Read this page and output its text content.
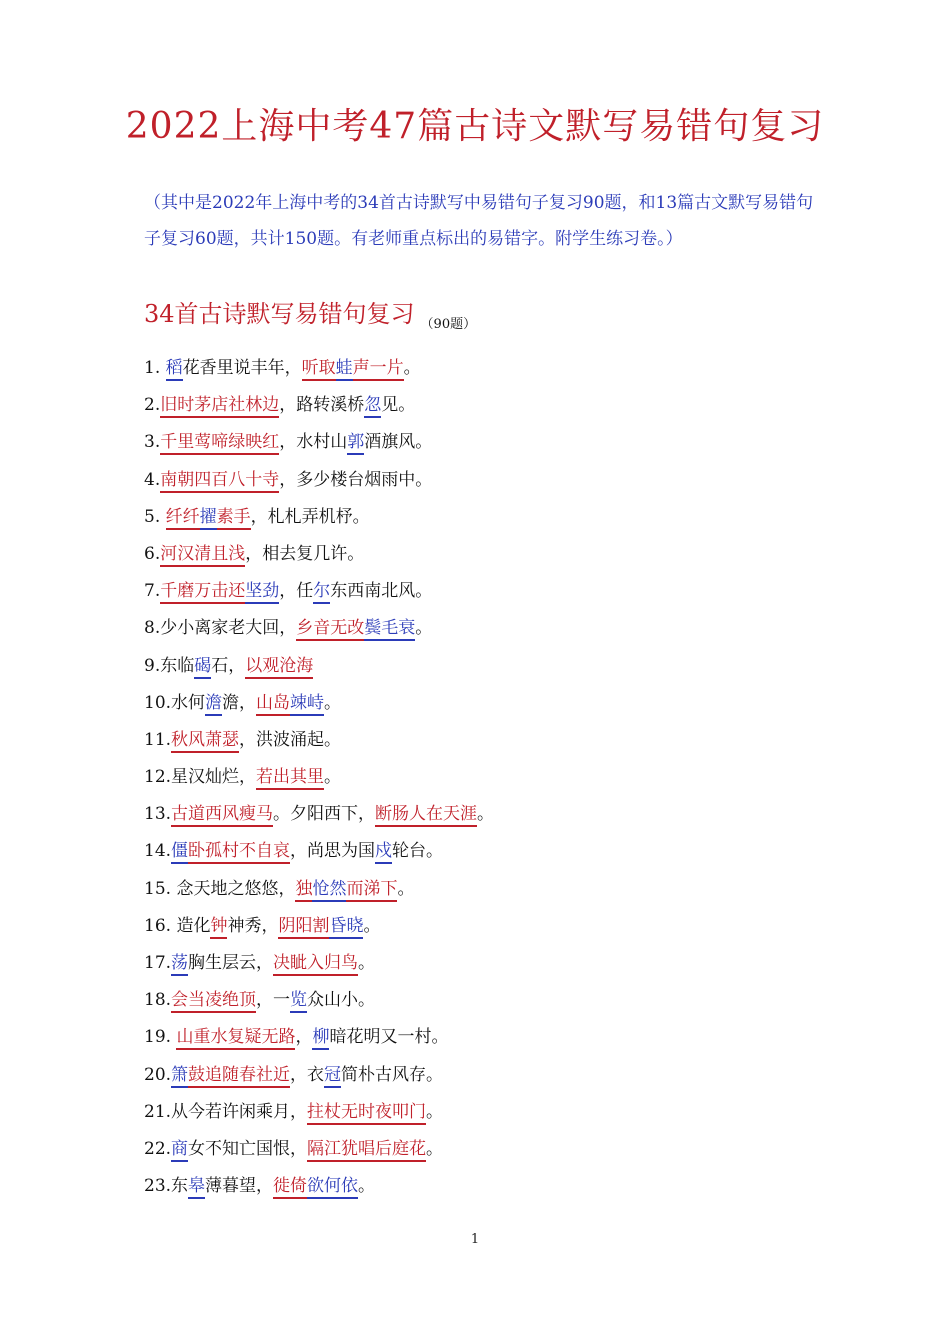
2022上海中考47篇古诗文默写易错句复习
（其中是2022年上海中考的34首古诗默写中易错句子复习90题，和13篇古文默写易错句子复习60题，共计150题。有老师重点标出的易错字。附学生练习卷。）
34首古诗默写易错句复习 $_{(90题)}$
1. 稻花香里说丰年，听取蛙声一片。
2.旧时茅店社林边，路转溪桥忽见。
3.千里莺啼绿映红，水村山郭酒旗风。
4.南朝四百八十寺，多少楼台烟雨中。
5. 纤纤擢素手，札札弄机杼。
6.河汉清且浅，相去复几许。
7.千磨万击还坚劲，任尔东西南北风。
8.少小离家老大回，乡音无改鬓毛衰。
9.东临碣石，以观沧海
10.水何澹澹，山岛竦峙。
11.秋风萧瑟，洪波涌起。
12.星汉灿烂，若出其里。
13.古道西风瘦马。夕阳西下，断肠人在天涯。
14.僵卧孤村不自哀，尚思为国戍轮台。
15. 念天地之悠悠，独怆然而涕下。
16. 造化钟神秀，阴阳割昏晓。
17.荡胸生层云，决眦入归鸟。
18.会当凌绝顶，一览众山小。
19. 山重水复疑无路，柳暗花明又一村。
20.箫鼓追随春社近，衣冠简朴古风存。
21.从今若许闲乘月，拄杖无时夜叩门。
22.商女不知亡国恨，隔江犹唱后庭花。
23.东皋薄暮望，徙倚欲何依。
1
